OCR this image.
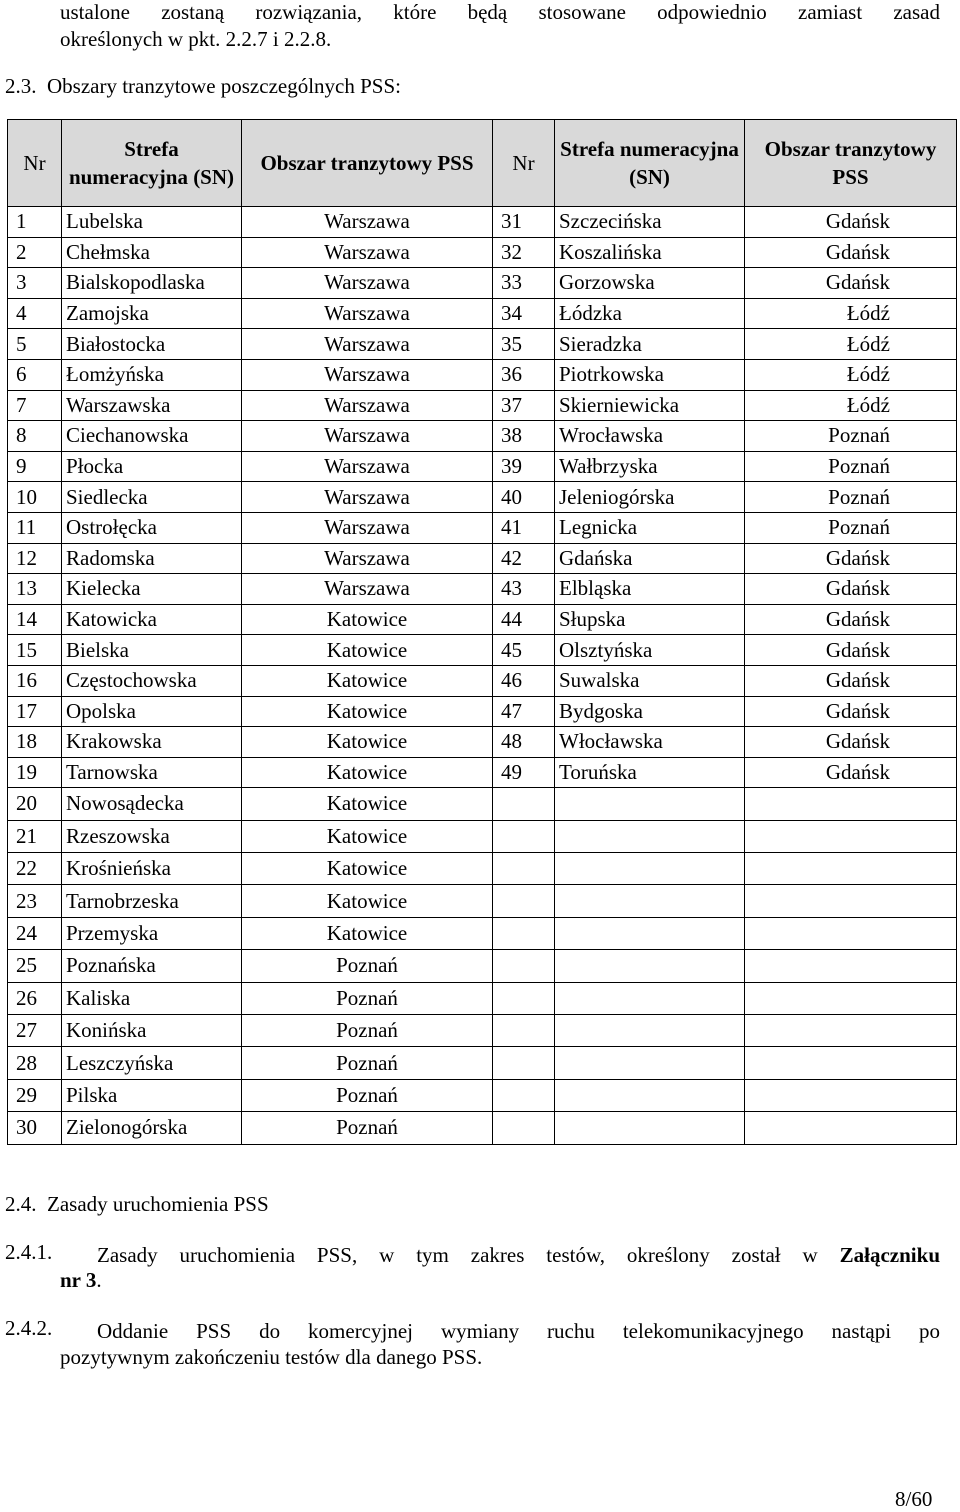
ustalone zostaną rozwiązania, które będą stosowane odpowiednio zamiast zasad
określonych w pkt. 2.2.7 i 2.2.8.
2.3. Obszary tranzytowe poszczególnych PSS:
Nr	Strefa numeracyjna (SN)	Obszar tranzytowy PSS	Nr	Strefa numeracyjna (SN)	Obszar tranzytowy PSS
1	Lubelska	Warszawa	31	Szczecińska	Gdańsk
2	Chełmska	Warszawa	32	Koszalińska	Gdańsk
3	Bialskopodlaska	Warszawa	33	Gorzowska	Gdańsk
4	Zamojska	Warszawa	34	Łódzka	Łódź
5	Białostocka	Warszawa	35	Sieradzka	Łódź
6	Łomżyńska	Warszawa	36	Piotrkowska	Łódź
7	Warszawska	Warszawa	37	Skierniewicka	Łódź
8	Ciechanowska	Warszawa	38	Wrocławska	Poznań
9	Płocka	Warszawa	39	Wałbrzyska	Poznań
10	Siedlecka	Warszawa	40	Jeleniogórska	Poznań
11	Ostrołęcka	Warszawa	41	Legnicka	Poznań
12	Radomska	Warszawa	42	Gdańska	Gdańsk
13	Kielecka	Warszawa	43	Elbląska	Gdańsk
14	Katowicka	Katowice	44	Słupska	Gdańsk
15	Bielska	Katowice	45	Olsztyńska	Gdańsk
16	Częstochowska	Katowice	46	Suwalska	Gdańsk
17	Opolska	Katowice	47	Bydgoska	Gdańsk
18	Krakowska	Katowice	48	Włocławska	Gdańsk
19	Tarnowska	Katowice	49	Toruńska	Gdańsk
20	Nowosądecka	Katowice			
21	Rzeszowska	Katowice			
22	Krośnieńska	Katowice			
23	Tarnobrzeska	Katowice			
24	Przemyska	Katowice			
25	Poznańska	Poznań			
26	Kaliska	Poznań			
27	Konińska	Poznań			
28	Leszczyńska	Poznań			
29	Pilska	Poznań			
30	Zielonogórska	Poznań			
2.4. Zasady uruchomienia PSS
2.4.1.	Zasady uruchomienia PSS, w tym zakres testów, określony został w Załączniku
nr 3.
2.4.2.	Oddanie PSS do komercyjnej wymiany ruchu telekomunikacyjnego nastąpi po
pozytywnym zakończeniu testów dla danego PSS.
8/60
